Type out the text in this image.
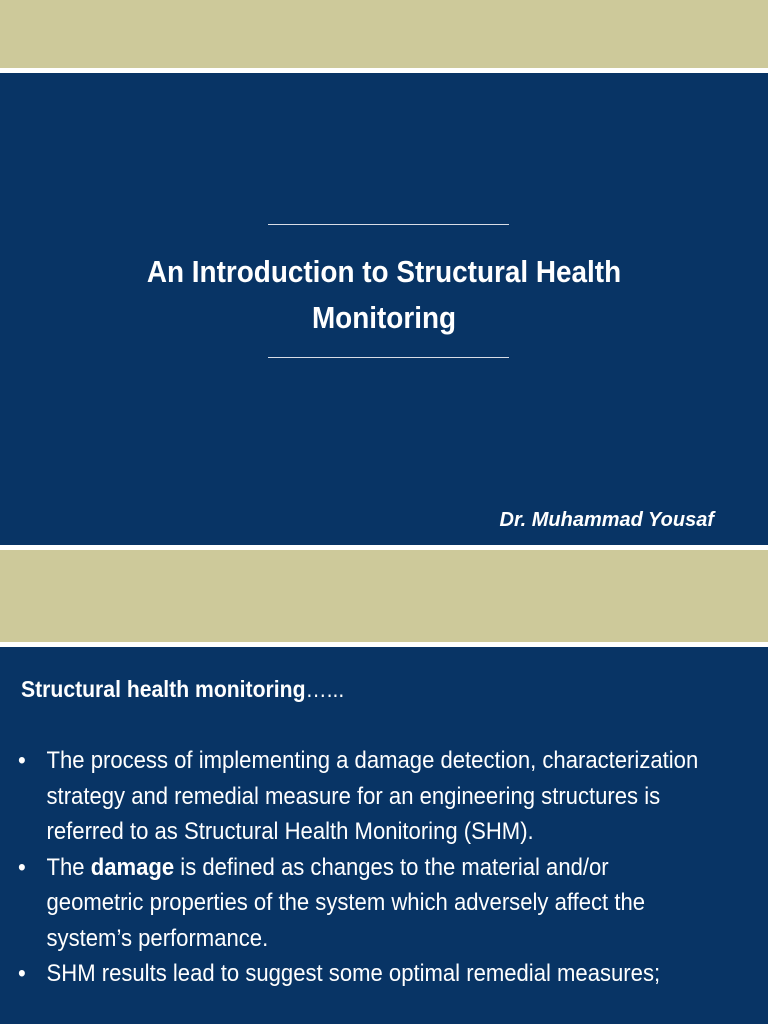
An Introduction to Structural Health Monitoring
Dr. Muhammad Yousaf
Structural health monitoring…...
• The process of implementing a damage detection, characterization strategy and remedial measure for an engineering structures is referred to as Structural Health Monitoring (SHM).
• The damage is defined as changes to the material and/or geometric properties of the system which adversely affect the system’s performance.
• SHM results lead to suggest some optimal remedial measures;
